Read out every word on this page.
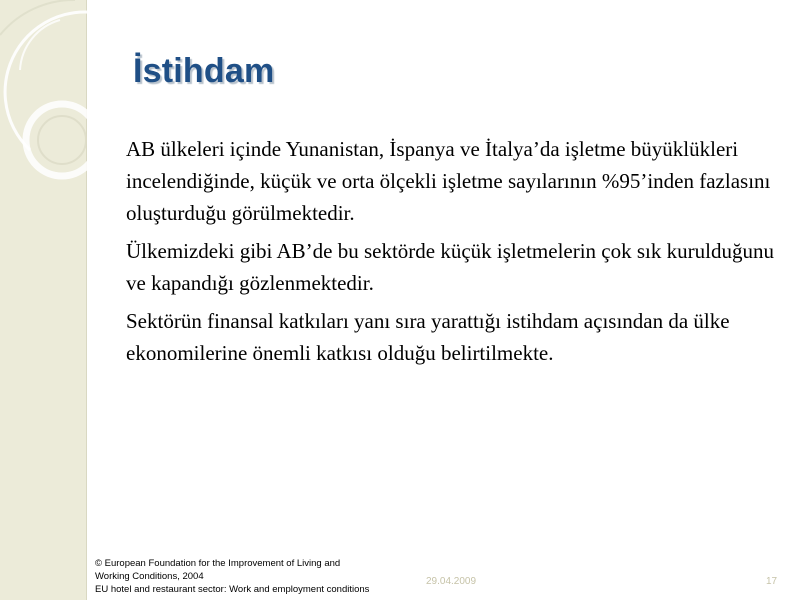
İstihdam

AB ülkeleri içinde Yunanistan, İspanya ve İtalya’da işletme büyüklükleri incelendiğinde, küçük ve orta ölçekli işletme sayılarının %95’inden fazlasını oluşturduğu görülmektedir.

Ülkemizdeki gibi AB’de bu sektörde küçük işletmelerin çok sık kurulduğunu ve kapandığı gözlenmektedir.

Sektörün finansal katkıları yanı sıra yarattığı istihdam açısından da ülke ekonomilerine önemli katkısı olduğu belirtilmekte.

© European Foundation for the Improvement of Living and
Working Conditions, 2004
EU hotel and restaurant sector: Work and employment conditions
29.04.2009	17
